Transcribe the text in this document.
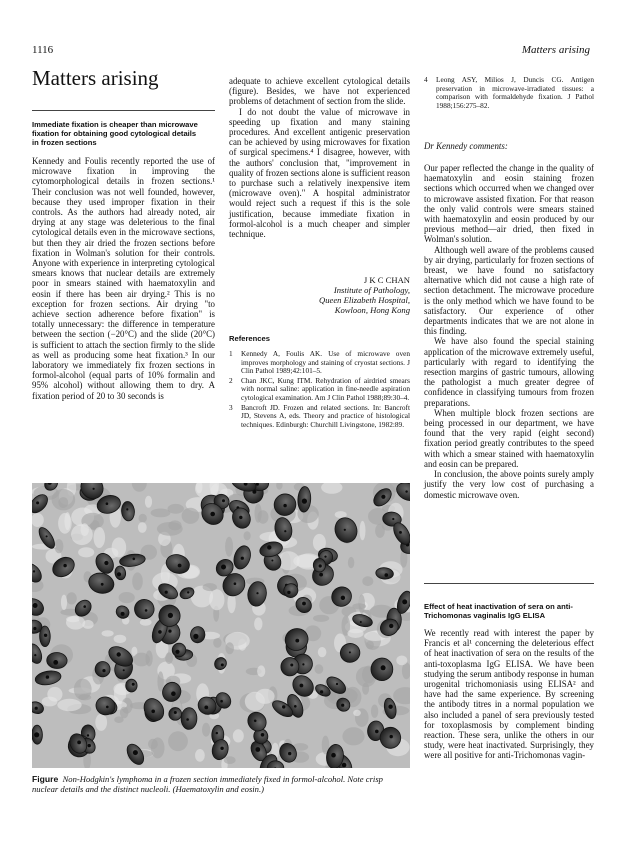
1116	Matters arising
Matters arising
Immediate fixation is cheaper than microwave
fixation for obtaining good cytological details
in frozen sections

Kennedy and Foulis recently reported the use of microwave fixation in improving the cytomorphological details in frozen sections.¹ Their conclusion was not well founded, however, because they used improper fixation in their controls. As the authors had already noted, air drying at any stage was deleterious to the final cytological details even in the microwave sections, but then they air dried the frozen sections before fixation in Wolman's solution for their controls. Anyone with experience in interpreting cytological smears knows that nuclear details are extremely poor in smears stained with haematoxylin and eosin if there has been air drying.² This is no exception for frozen sections. Air drying "to achieve section adherence before fixation" is totally unnecessary: the difference in temperature between the section (−20°C) and the slide (20°C) is sufficient to attach the section firmly to the slide as well as producing some heat fixation.³ In our laboratory we immediately fix frozen sections in formol-alcohol (equal parts of 10% formalin and 95% alcohol) without allowing them to dry. A fixation period of 20 to 30 seconds is

adequate to achieve excellent cytological details (figure). Besides, we have not experienced problems of detachment of section from the slide.

I do not doubt the value of microwave in speeding up fixation and many staining procedures. And excellent antigenic preservation can be achieved by using microwaves for fixation of surgical specimens.⁴ I disagree, however, with the authors' conclusion that, "improvement in quality of frozen sections alone is sufficient reason to purchase such a relatively inexpensive item (microwave oven)." A hospital administrator would reject such a request if this is the sole justification, because immediate fixation in formol-alcohol is a much cheaper and simpler technique.

J K C CHAN
Institute of Pathology,
Queen Elizabeth Hospital,
Kowloon, Hong Kong
References
1 Kennedy A, Foulis AK. Use of microwave oven improves morphology and staining of cryostat sections. J Clin Pathol 1989;42:101–5.
2 Chan JKC, Kung ITM. Rehydration of airdried smears with normal saline: application in fine-needle aspiration cytological examination. Am J Clin Pathol 1988;89:30–4.
3 Bancroft JD. Frozen and related sections. In: Bancroft JD, Stevens A, eds. Theory and practice of histological techniques. Edinburgh: Churchill Livingstone, 1982:89.
4 Leong ASY, Milios J, Duncis CG. Antigen preservation in microwave-irradiated tissues: a comparison with formaldehyde fixation. J Pathol 1988;156:275–82.
Dr Kennedy comments:

Our paper reflected the change in the quality of haematoxylin and eosin staining frozen sections which occurred when we changed over to microwave assisted fixation. For that reason the only valid controls were smears stained with haematoxylin and eosin produced by our previous method—air dried, then fixed in Wolman's solution.

Although well aware of the problems caused by air drying, particularly for frozen sections of breast, we have found no satisfactory alternative which did not cause a high rate of section detachment. The microwave procedure is the only method which we have found to be satisfactory. Our experience of other departments indicates that we are not alone in this finding.

We have also found the special staining application of the microwave extremely useful, particularly with regard to identifying the resection margins of gastric tumours, allowing the pathologist a much greater degree of confidence in classifying tumours from frozen preparations.

When multiple block frozen sections are being processed in our department, we have found that the very rapid (eight second) fixation period greatly contributes to the speed with which a smear stained with haematoxylin and eosin can be prepared.

In conclusion, the above points surely amply justify the very low cost of purchasing a domestic microwave oven.

Effect of heat inactivation of sera on anti-
Trichomonas vaginalis IgG ELISA

We recently read with interest the paper by Francis et al¹ concerning the deleterious effect of heat inactivation of sera on the results of the anti-toxoplasma IgG ELISA. We have been studying the serum antibody response in human urogenital trichomoniasis using ELISA² and have had the same experience. By screening the antibody titres in a normal population we also included a panel of sera previously tested for toxoplasmosis by complement binding reaction. These sera, unlike the others in our study, were heat inactivated. Surprisingly, they were all positive for anti-Trichomonas vagin-

Figure Non-Hodgkin's lymphoma in a frozen section immediately fixed in formol-alcohol. Note crisp nuclear details and the distinct nucleoli. (Haematoxylin and eosin.)
